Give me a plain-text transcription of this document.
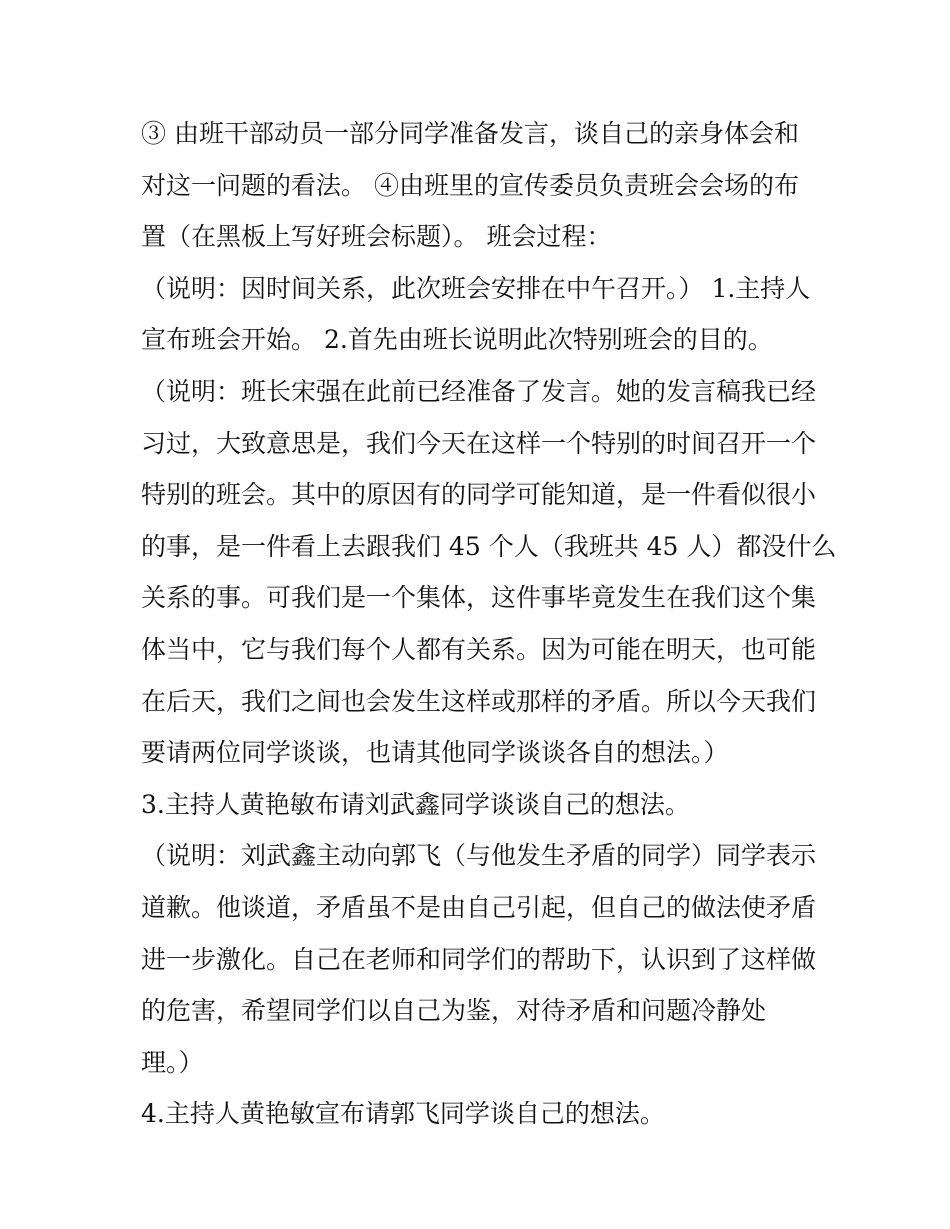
③ 由班干部动员一部分同学准备发言，谈自己的亲身体会和
对这一问题的看法。 ④由班里的宣传委员负责班会会场的布
置（在黑板上写好班会标题）。 班会过程：
（说明：因时间关系，此次班会安排在中午召开。） 1.主持人
宣布班会开始。 2.首先由班长说明此次特别班会的目的。
（说明：班长宋强在此前已经准备了发言。她的发言稿我已经
习过，大致意思是，我们今天在这样一个特别的时间召开一个
特别的班会。其中的原因有的同学可能知道，是一件看似很小
的事，是一件看上去跟我们 45 个人（我班共 45 人）都没什么
关系的事。可我们是一个集体，这件事毕竟发生在我们这个集
体当中，它与我们每个人都有关系。因为可能在明天，也可能
在后天，我们之间也会发生这样或那样的矛盾。所以今天我们
要请两位同学谈谈，也请其他同学谈谈各自的想法。）
3.主持人黄艳敏布请刘武鑫同学谈谈自己的想法。
（说明：刘武鑫主动向郭飞（与他发生矛盾的同学）同学表示
道歉。他谈道，矛盾虽不是由自己引起，但自己的做法使矛盾
进一步激化。自己在老师和同学们的帮助下，认识到了这样做
的危害，希望同学们以自己为鉴，对待矛盾和问题冷静处
理。）
4.主持人黄艳敏宣布请郭飞同学谈自己的想法。
